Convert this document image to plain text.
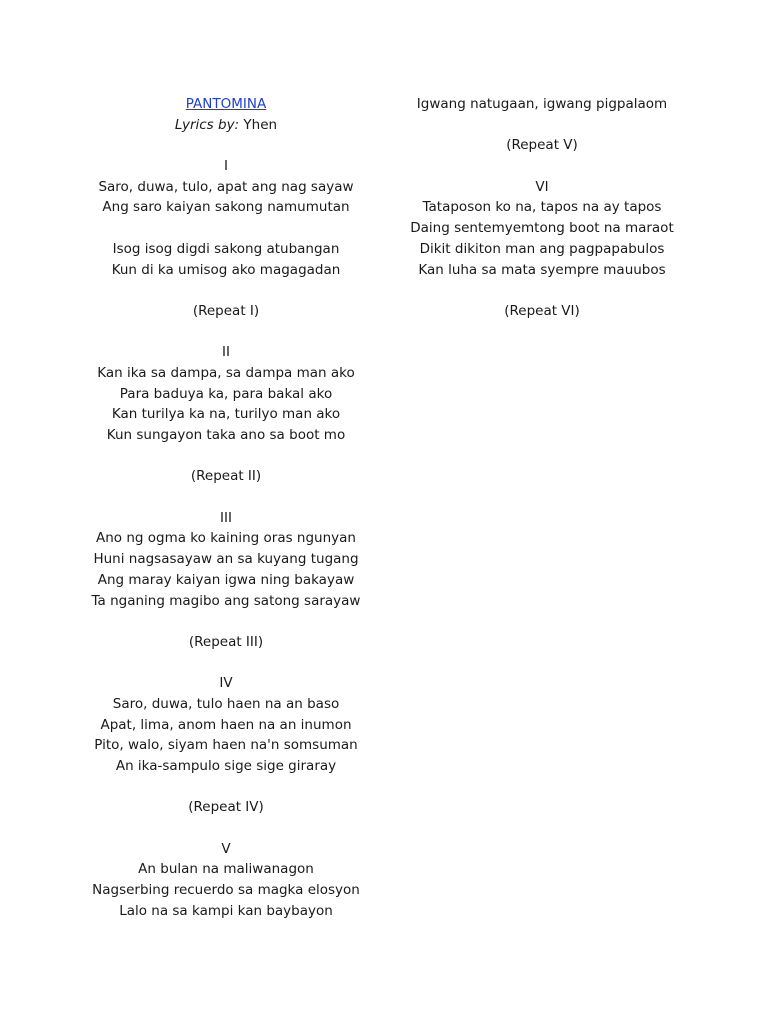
PANTOMINA
Lyrics by: Yhen
I
Saro, duwa, tulo, apat ang nag sayaw
Ang saro kaiyan sakong namumutan
Isog isog digdi sakong atubangan
Kun di ka umisog ako magagadan
(Repeat I)
II
Kan ika sa dampa, sa dampa man ako
Para baduya ka, para bakal ako
Kan turilya ka na, turilyo man ako
Kun sungayon taka ano sa boot mo
(Repeat II)
III
Ano ng ogma ko kaining oras ngunyan
Huni nagsasayaw an sa kuyang tugang
Ang maray kaiyan igwa ning bakayaw
Ta nganing magibo ang satong sarayaw
(Repeat III)
IV
Saro, duwa, tulo haen na an baso
Apat, lima, anom haen na an inumon
Pito, walo, siyam haen na'n somsuman
An ika-sampulo sige sige giraray
(Repeat IV)
V
An bulan na maliwanagon
Nagserbing recuerdo sa magka elosyon
Lalo na sa kampi kan baybayon
Igwang natugaan, igwang pigpalaom
(Repeat V)
VI
Tataposon ko na, tapos na ay tapos
Daing sentemyemtong boot na maraot
Dikit dikiton man ang pagpapabulos
Kan luha sa mata syempre mauubos
(Repeat VI)
